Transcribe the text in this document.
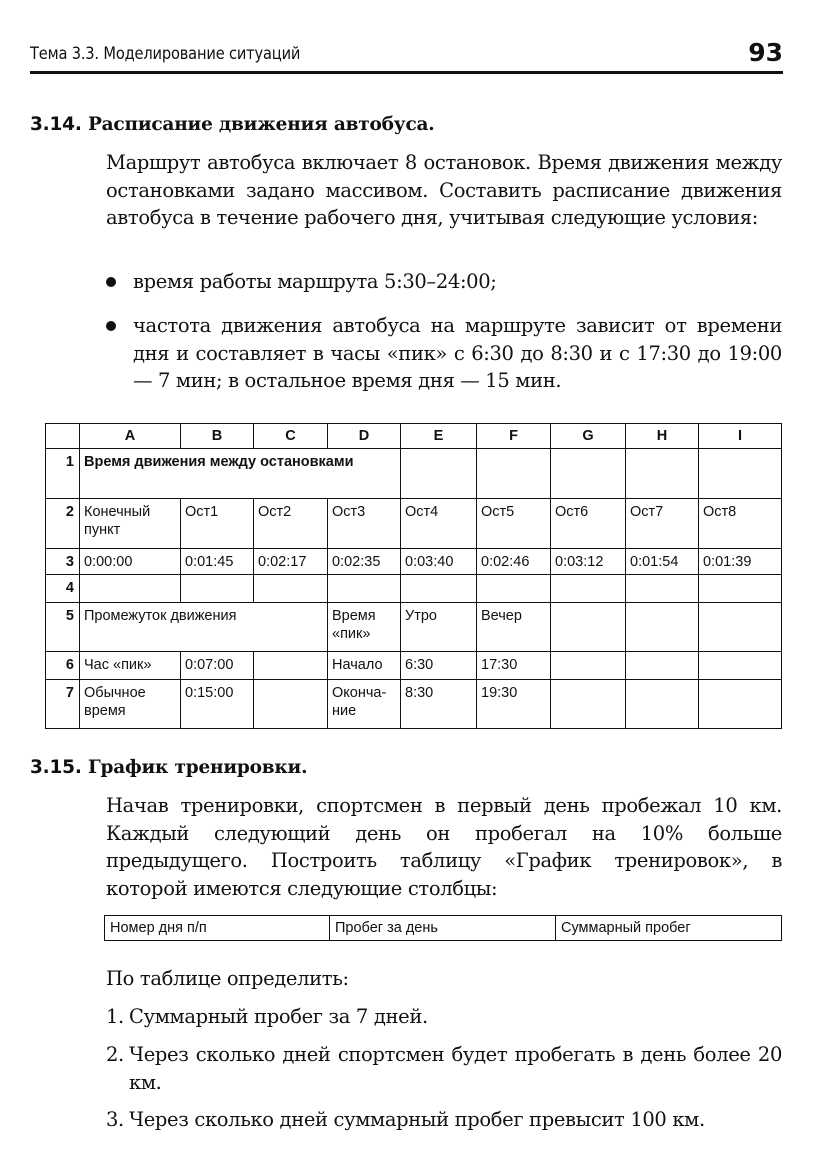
Тема 3.3. Моделирование ситуаций	93
3.14. Расписание движения автобуса.
Маршрут автобуса включает 8 остановок. Время движения между остановками задано массивом. Составить расписание движения автобуса в течение рабочего дня, учитывая следующие условия:
время работы маршрута 5:30–24:00;
частота движения автобуса на маршруте зависит от времени дня и составляет в часы «пик» с 6:30 до 8:30 и с 17:30 до 19:00 — 7 мин; в остальное время дня — 15 мин.
	A	B	C	D	E	F	G	H	I
1	Время движения между остановками								
2	Конечный пункт	Ост1	Ост2	Ост3	Ост4	Ост5	Ост6	Ост7	Ост8
3	0:00:00	0:01:45	0:02:17	0:02:35	0:03:40	0:02:46	0:03:12	0:01:54	0:01:39
4									
5	Промежуток движения			Время «пик»	Утро	Вечер			
6	Час «пик»	0:07:00		Начало	6:30	17:30			
7	Обычное время	0:15:00		Оконча-ние	8:30	19:30			
3.15. График тренировки.
Начав тренировки, спортсмен в первый день пробежал 10 км. Каждый следующий день он пробегал на 10% больше предыдущего. Построить таблицу «График тренировок», в которой имеются следующие столбцы:
Номер дня п/п	Пробег за день	Суммарный пробег
По таблице определить:
1. Суммарный пробег за 7 дней.
2. Через сколько дней спортсмен будет пробегать в день более 20 км.
3. Через сколько дней суммарный пробег превысит 100 км.
